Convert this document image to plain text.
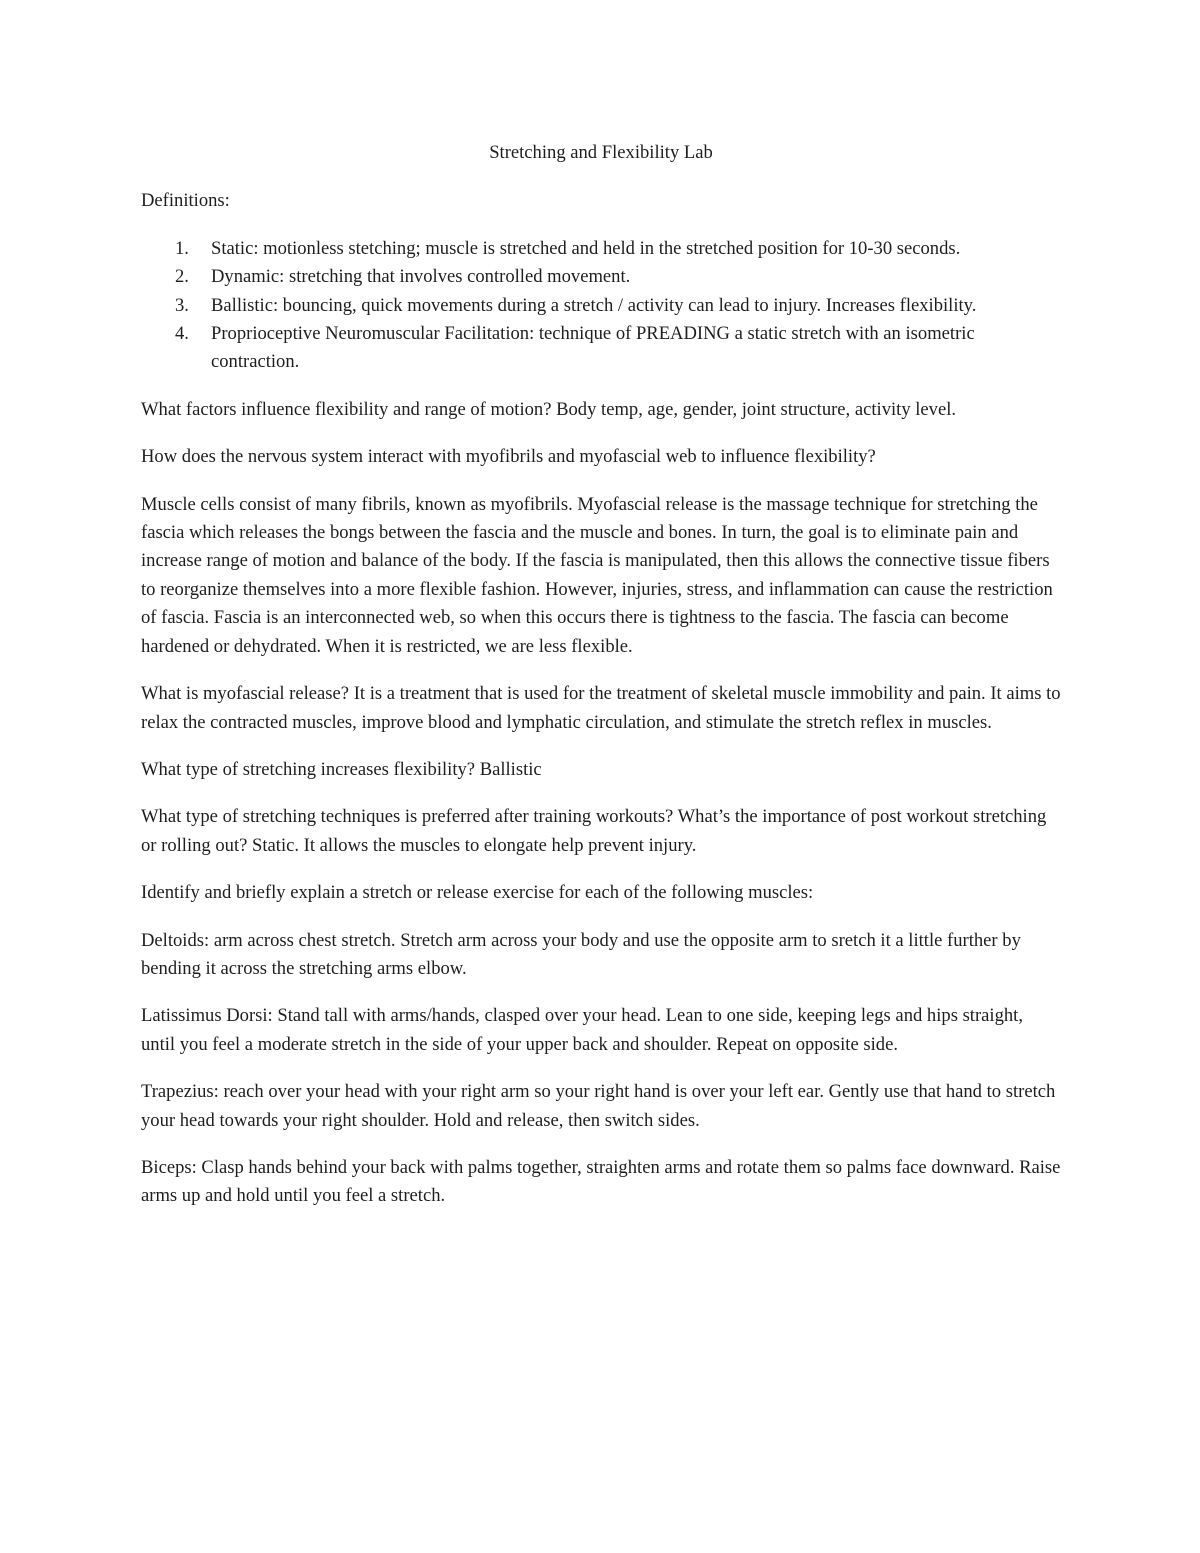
Stretching and Flexibility Lab

Definitions:

1. Static: motionless stetching; muscle is stretched and held in the stretched position for 10-30 seconds.
2. Dynamic: stretching that involves controlled movement.
3. Ballistic: bouncing, quick movements during a stretch / activity can lead to injury. Increases flexibility.
4. Proprioceptive Neuromuscular Facilitation: technique of PREADING a static stretch with an isometric contraction.

What factors influence flexibility and range of motion? Body temp, age, gender, joint structure, activity level.

How does the nervous system interact with myofibrils and myofascial web to influence flexibility?

Muscle cells consist of many fibrils, known as myofibrils. Myofascial release is the massage technique for stretching the fascia which releases the bongs between the fascia and the muscle and bones. In turn, the goal is to eliminate pain and increase range of motion and balance of the body. If the fascia is manipulated, then this allows the connective tissue fibers to reorganize themselves into a more flexible fashion. However, injuries, stress, and inflammation can cause the restriction of fascia. Fascia is an interconnected web, so when this occurs there is tightness to the fascia. The fascia can become hardened or dehydrated. When it is restricted, we are less flexible.

What is myofascial release? It is a treatment that is used for the treatment of skeletal muscle immobility and pain. It aims to relax the contracted muscles, improve blood and lymphatic circulation, and stimulate the stretch reflex in muscles.

What type of stretching increases flexibility? Ballistic

What type of stretching techniques is preferred after training workouts? What’s the importance of post workout stretching or rolling out? Static. It allows the muscles to elongate help prevent injury.

Identify and briefly explain a stretch or release exercise for each of the following muscles:

Deltoids: arm across chest stretch. Stretch arm across your body and use the opposite arm to sretch it a little further by bending it across the stretching arms elbow.

Latissimus Dorsi: Stand tall with arms/hands, clasped over your head. Lean to one side, keeping legs and hips straight, until you feel a moderate stretch in the side of your upper back and shoulder. Repeat on opposite side.

Trapezius: reach over your head with your right arm so your right hand is over your left ear. Gently use that hand to stretch your head towards your right shoulder. Hold and release, then switch sides.

Biceps: Clasp hands behind your back with palms together, straighten arms and rotate them so palms face downward. Raise arms up and hold until you feel a stretch.
